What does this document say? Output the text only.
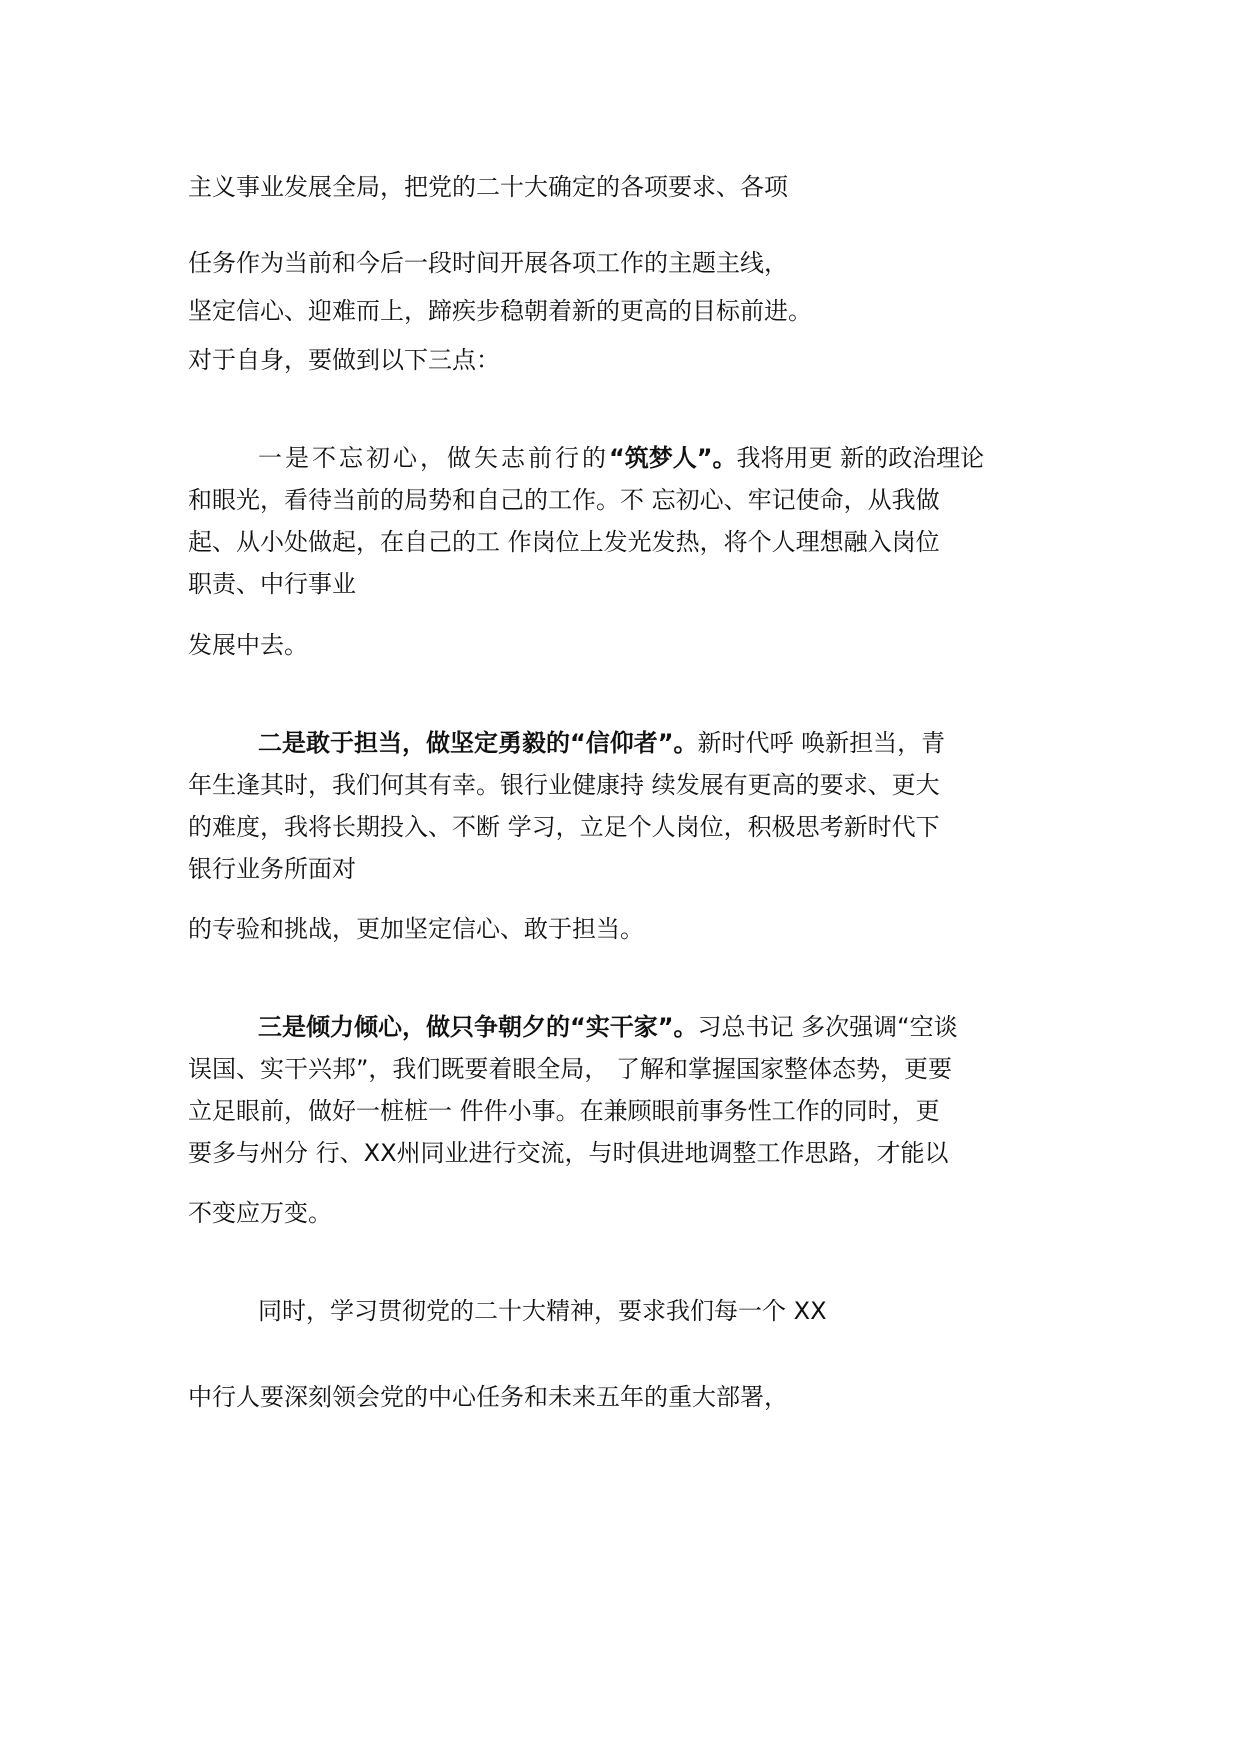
主义事业发展全局，把党的二十大确定的各项要求、各项
任务作为当前和今后一段时间开展各项工作的主题主线，
坚定信心、迎难而上，蹄疾步稳朝着新的更高的目标前进。
对于自身，要做到以下三点：
一是不忘初心，做矢志前行的“筑梦人”。我将用更 新的政治理论
和眼光，看待当前的局势和自己的工作。不 忘初心、牢记使命，从我做
起、从小处做起，在自己的工 作岗位上发光发热，将个人理想融入岗位
职责、中行事业
发展中去。
二是敢于担当，做坚定勇毅的“信仰者”。新时代呼 唤新担当，青
年生逢其时，我们何其有幸。银行业健康持 续发展有更高的要求、更大
的难度，我将长期投入、不断 学习，立足个人岗位，积极思考新时代下
银行业务所面对
的专验和挑战，更加坚定信心、敢于担当。
三是倾力倾心，做只争朝夕的“实干家”。习总书记 多次强调“空谈
误国、实干兴邦”，我们既要着眼全局， 了解和掌握国家整体态势，更要
立足眼前，做好一桩桩一 件件小事。在兼顾眼前事务性工作的同时，更
要多与州分 行、XX州同业进行交流，与时俱进地调整工作思路，才能以
不变应万变。
同时，学习贯彻党的二十大精神，要求我们每一个 XX
中行人要深刻领会党的中心任务和未来五年的重大部署，
